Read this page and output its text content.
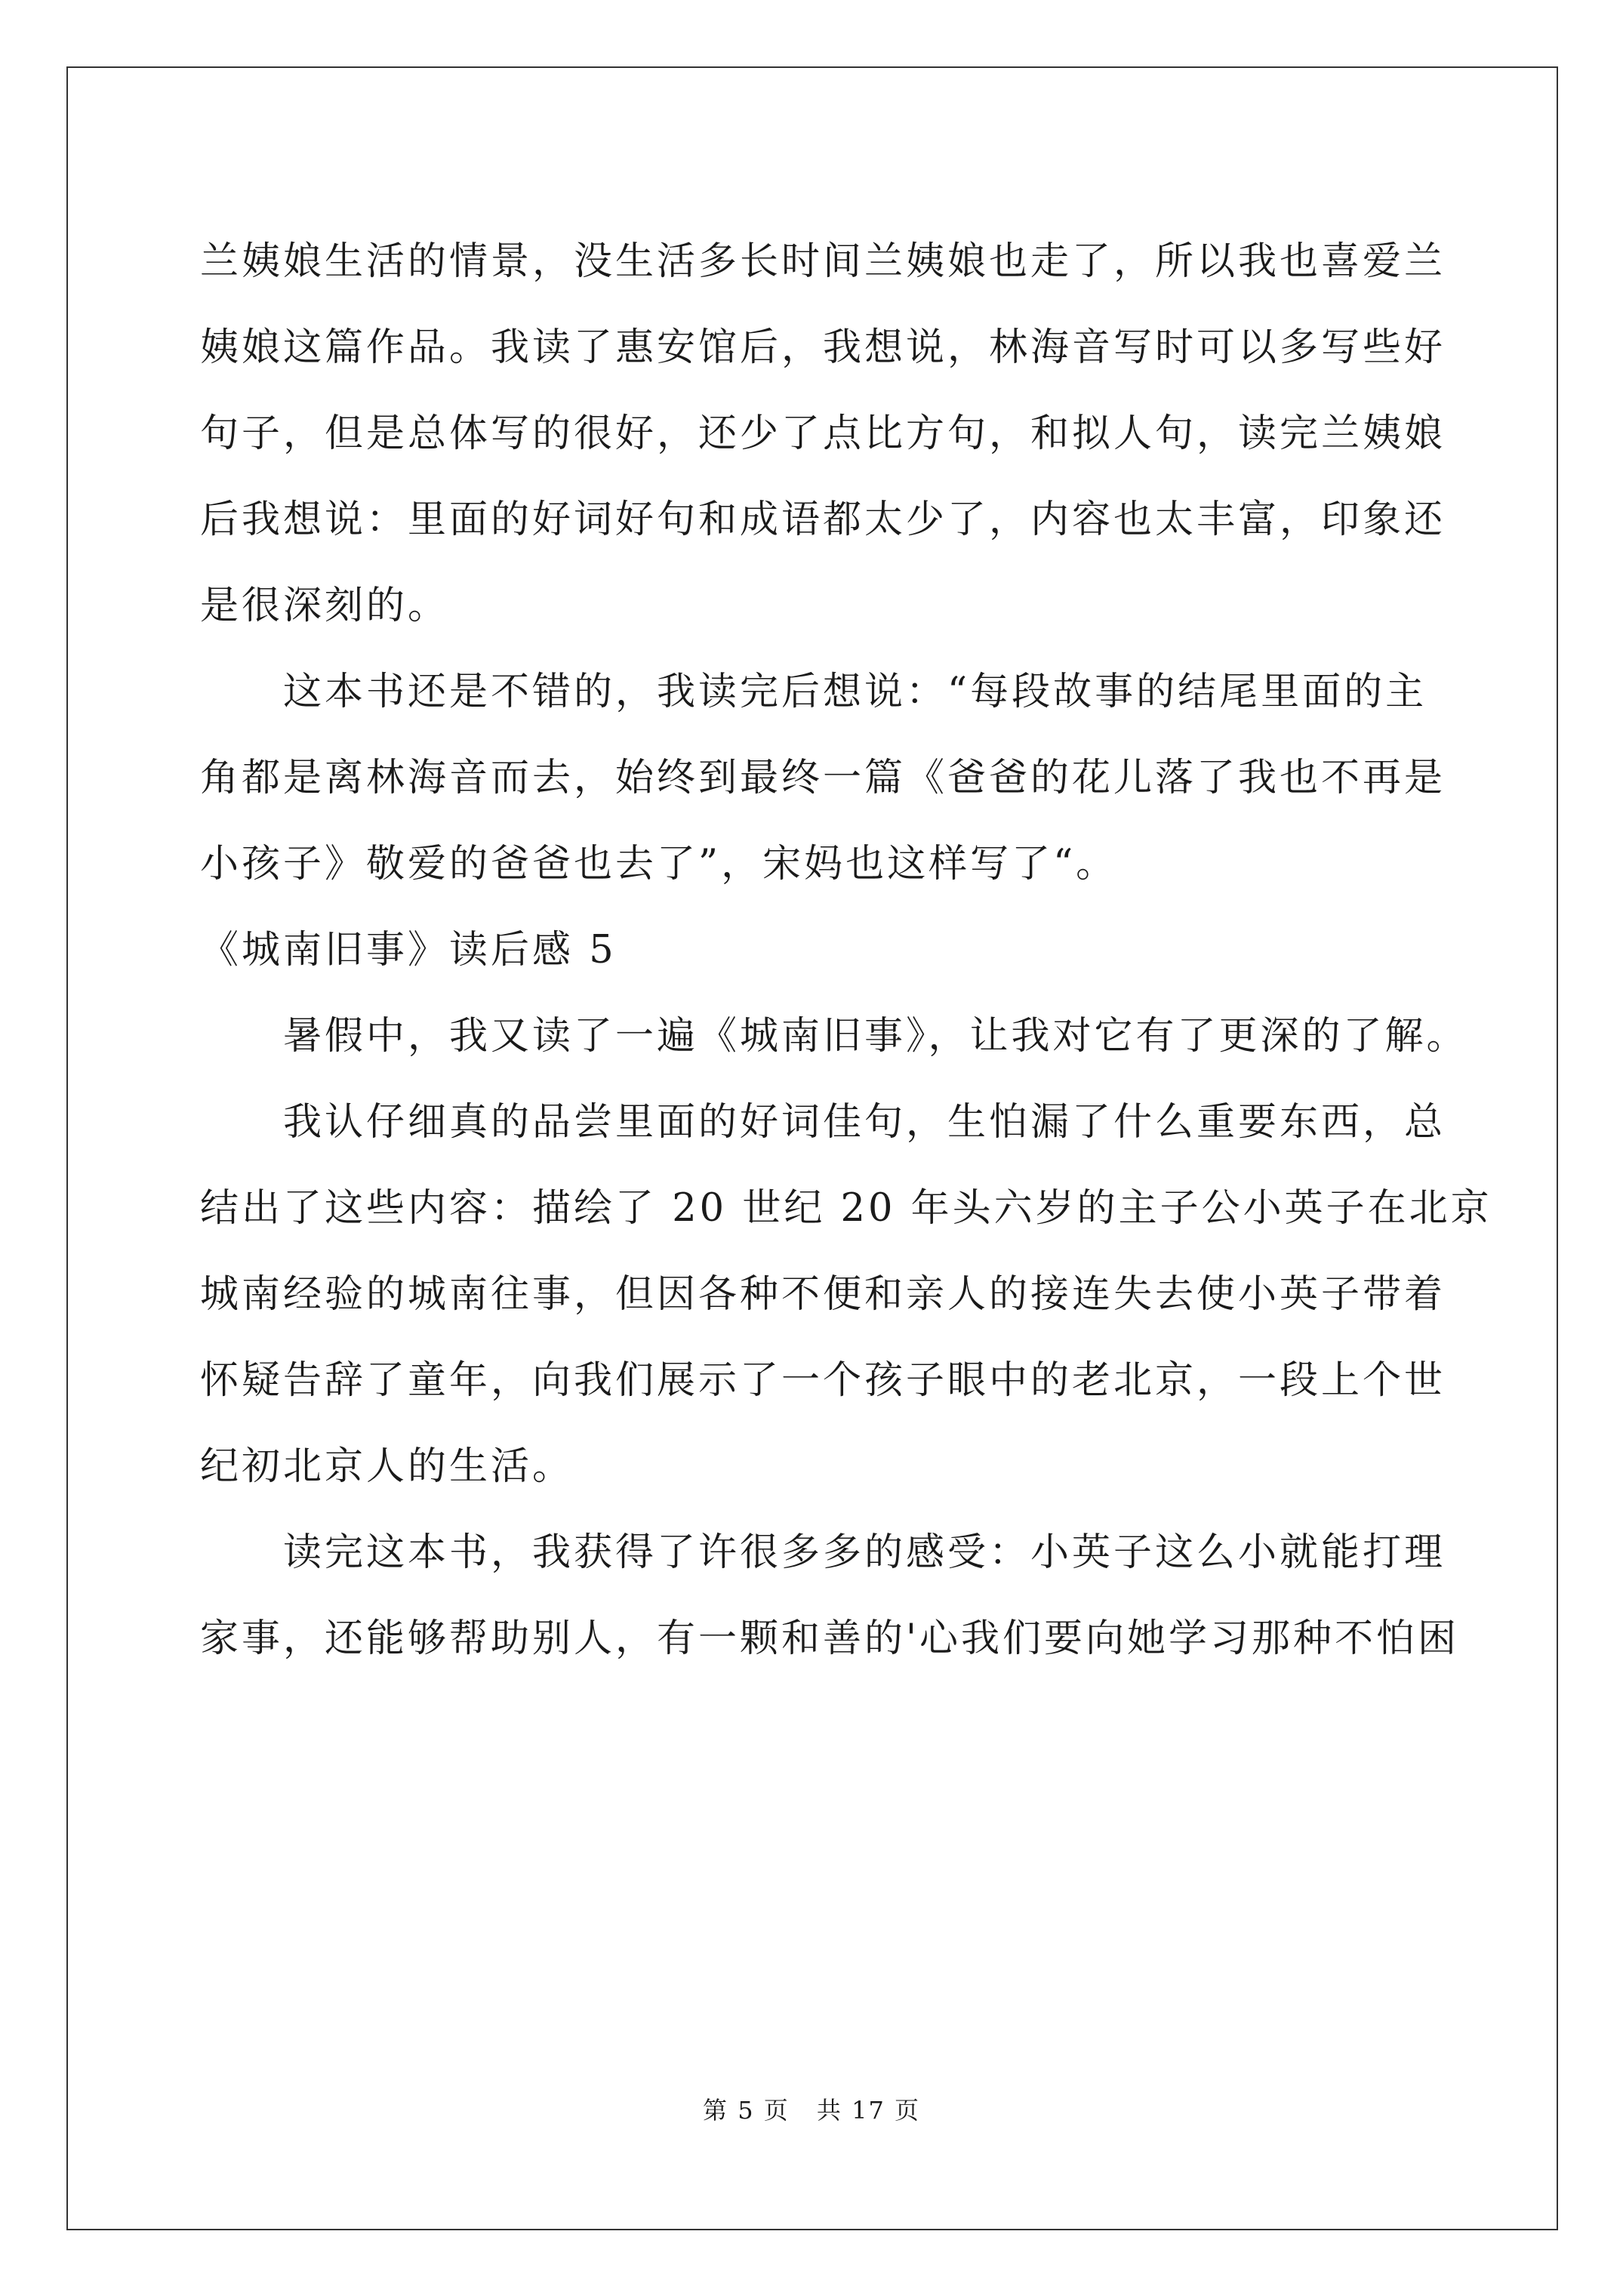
兰姨娘生活的情景，没生活多长时间兰姨娘也走了，所以我也喜爱兰
姨娘这篇作品。我读了惠安馆后，我想说，林海音写时可以多写些好
句子，但是总体写的很好，还少了点比方句，和拟人句，读完兰姨娘
后我想说：里面的好词好句和成语都太少了，内容也太丰富，印象还
是很深刻的。
这本书还是不错的，我读完后想说：“每段故事的结尾里面的主
角都是离林海音而去，始终到最终一篇《爸爸的花儿落了我也不再是
小孩子》敬爱的爸爸也去了”，宋妈也这样写了“。
《城南旧事》读后感 5
暑假中，我又读了一遍《城南旧事》，让我对它有了更深的了解。
我认仔细真的品尝里面的好词佳句，生怕漏了什么重要东西，总
结出了这些内容：描绘了 20 世纪 20 年头六岁的主子公小英子在北京
城南经验的城南往事，但因各种不便和亲人的接连失去使小英子带着
怀疑告辞了童年，向我们展示了一个孩子眼中的老北京，一段上个世
纪初北京人的生活。
读完这本书，我获得了许很多多的感受：小英子这么小就能打理
家事，还能够帮助别人，有一颗和善的'心我们要向她学习那种不怕困
第 5 页 共 17 页
